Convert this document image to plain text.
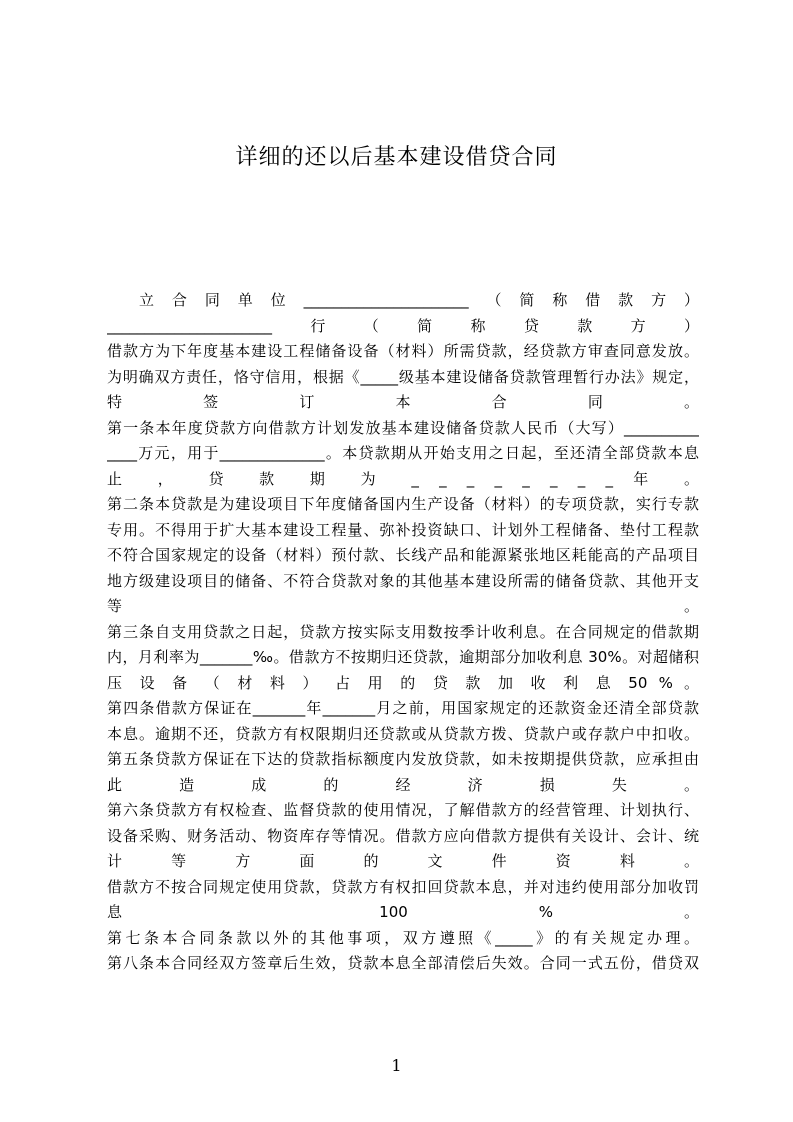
详细的还以后基本建设借贷合同
立合同单位______________________（简称借款方）
______________________行（简称贷款方）
借款方为下年度基本建设工程储备设备（材料）所需贷款，经贷款方审查同意发放。
为明确双方责任，恪守信用，根据《_____级基本建设储备贷款管理暂行办法》规定，
特 签 订 本 合 同 。
第一条本年度贷款方向借款方计划发放基本建设储备贷款人民币（大写）__________
____万元，用于______________。本贷款期从开始支用之日起，至还清全部贷款本息
止 ， 贷 款 期 为 _ _ _ _ _ _ _ _ 年 。
第二条本贷款是为建设项目下年度储备国内生产设备（材料）的专项贷款，实行专款
专用。不得用于扩大基本建设工程量、弥补投资缺口、计划外工程储备、垫付工程款
不符合国家规定的设备（材料）预付款、长线产品和能源紧张地区耗能高的产品项目
地方级建设项目的储备、不符合贷款对象的其他基本建设所需的储备贷款、其他开支
等 。
第三条自支用贷款之日起，贷款方按实际支用数按季计收利息。在合同规定的借款期
内，月利率为_______‰。借款方不按期归还贷款，逾期部分加收利息 30%。对超储积
压 设 备 （ 材 料 ） 占 用 的 贷 款 加 收 利 息 50 % 。
第四条借款方保证在_______年_______月之前，用国家规定的还款资金还清全部贷款
本息。逾期不还，贷款方有权限期归还贷款或从贷款方拨、贷款户或存款户中扣收。
第五条贷款方保证在下达的贷款指标额度内发放贷款，如未按期提供贷款，应承担由
此 造 成 的 经 济 损 失 。
第六条贷款方有权检查、监督贷款的使用情况，了解借款方的经营管理、计划执行、
设备采购、财务活动、物资库存等情况。借款方应向借款方提供有关设计、会计、统
计 等 方 面 的 文 件 资 料 。
借款方不按合同规定使用贷款，贷款方有权扣回贷款本息，并对违约使用部分加收罚
息 100 % 。
第七条本合同条款以外的其他事项，双方遵照《_____》的有关规定办理。
第八条本合同经双方签章后生效，贷款本息全部清偿后失效。合同一式五份，借贷双
1
